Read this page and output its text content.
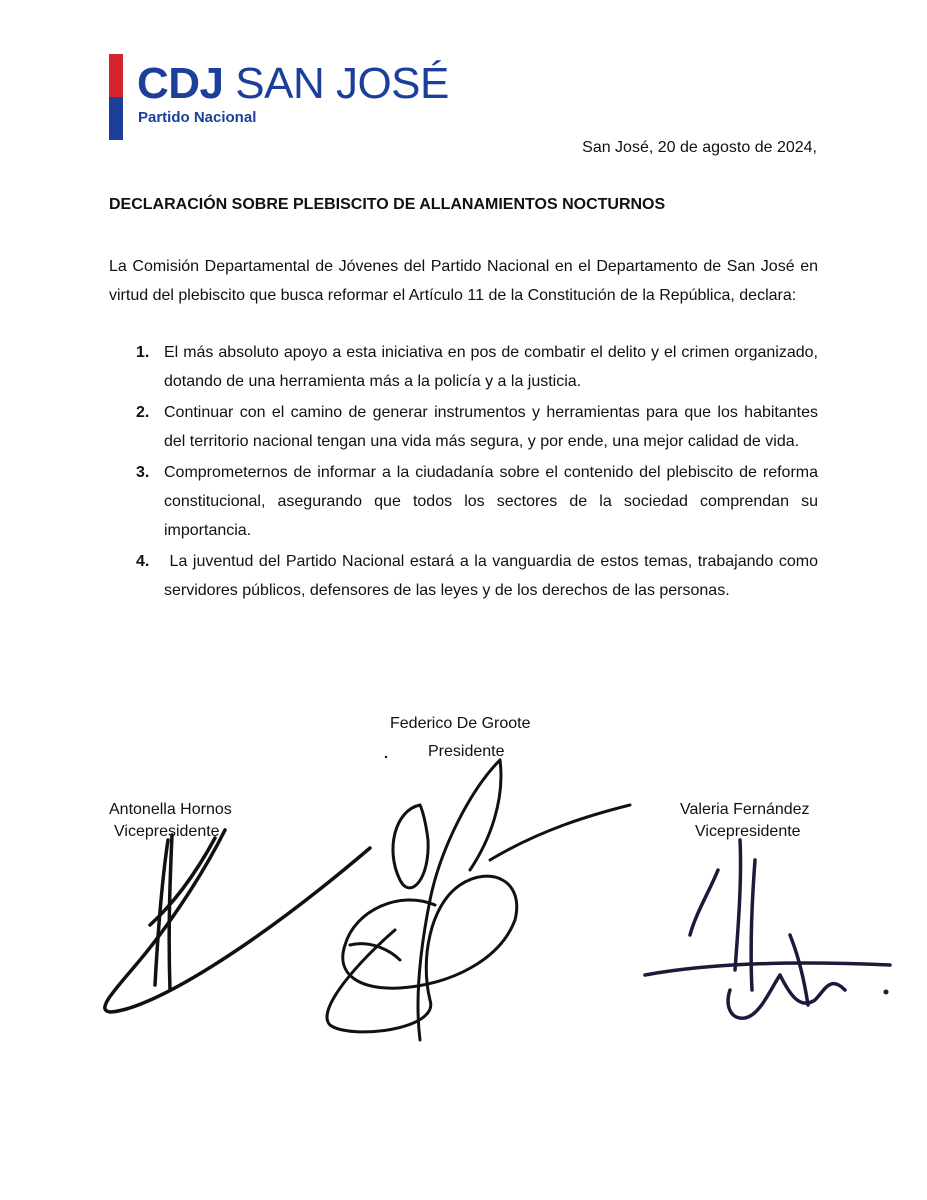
CDJ SAN JOSÉ
Partido Nacional
San José, 20 de agosto de 2024,
DECLARACIÓN SOBRE PLEBISCITO DE ALLANAMIENTOS NOCTURNOS

La Comisión Departamental de Jóvenes del Partido Nacional en el Departamento de San José en virtud del plebiscito que busca reformar el Artículo 11 de la Constitución de la República, declara:

1. El más absoluto apoyo a esta iniciativa en pos de combatir el delito y el crimen organizado, dotando de una herramienta más a la policía y a la justicia.
2. Continuar con el camino de generar instrumentos y herramientas para que los habitantes del territorio nacional tengan una vida más segura, y por ende, una mejor calidad de vida.
3. Comprometernos de informar a la ciudadanía sobre el contenido del plebiscito de reforma constitucional, asegurando que todos los sectores de la sociedad comprendan su importancia.
4. La juventud del Partido Nacional estará a la vanguardia de estos temas, trabajando como servidores públicos, defensores de las leyes y de los derechos de las personas.
Federico De Groote
Presidente
Antonella Hornos
Vicepresidente
Valeria Fernández
Vicepresidente
